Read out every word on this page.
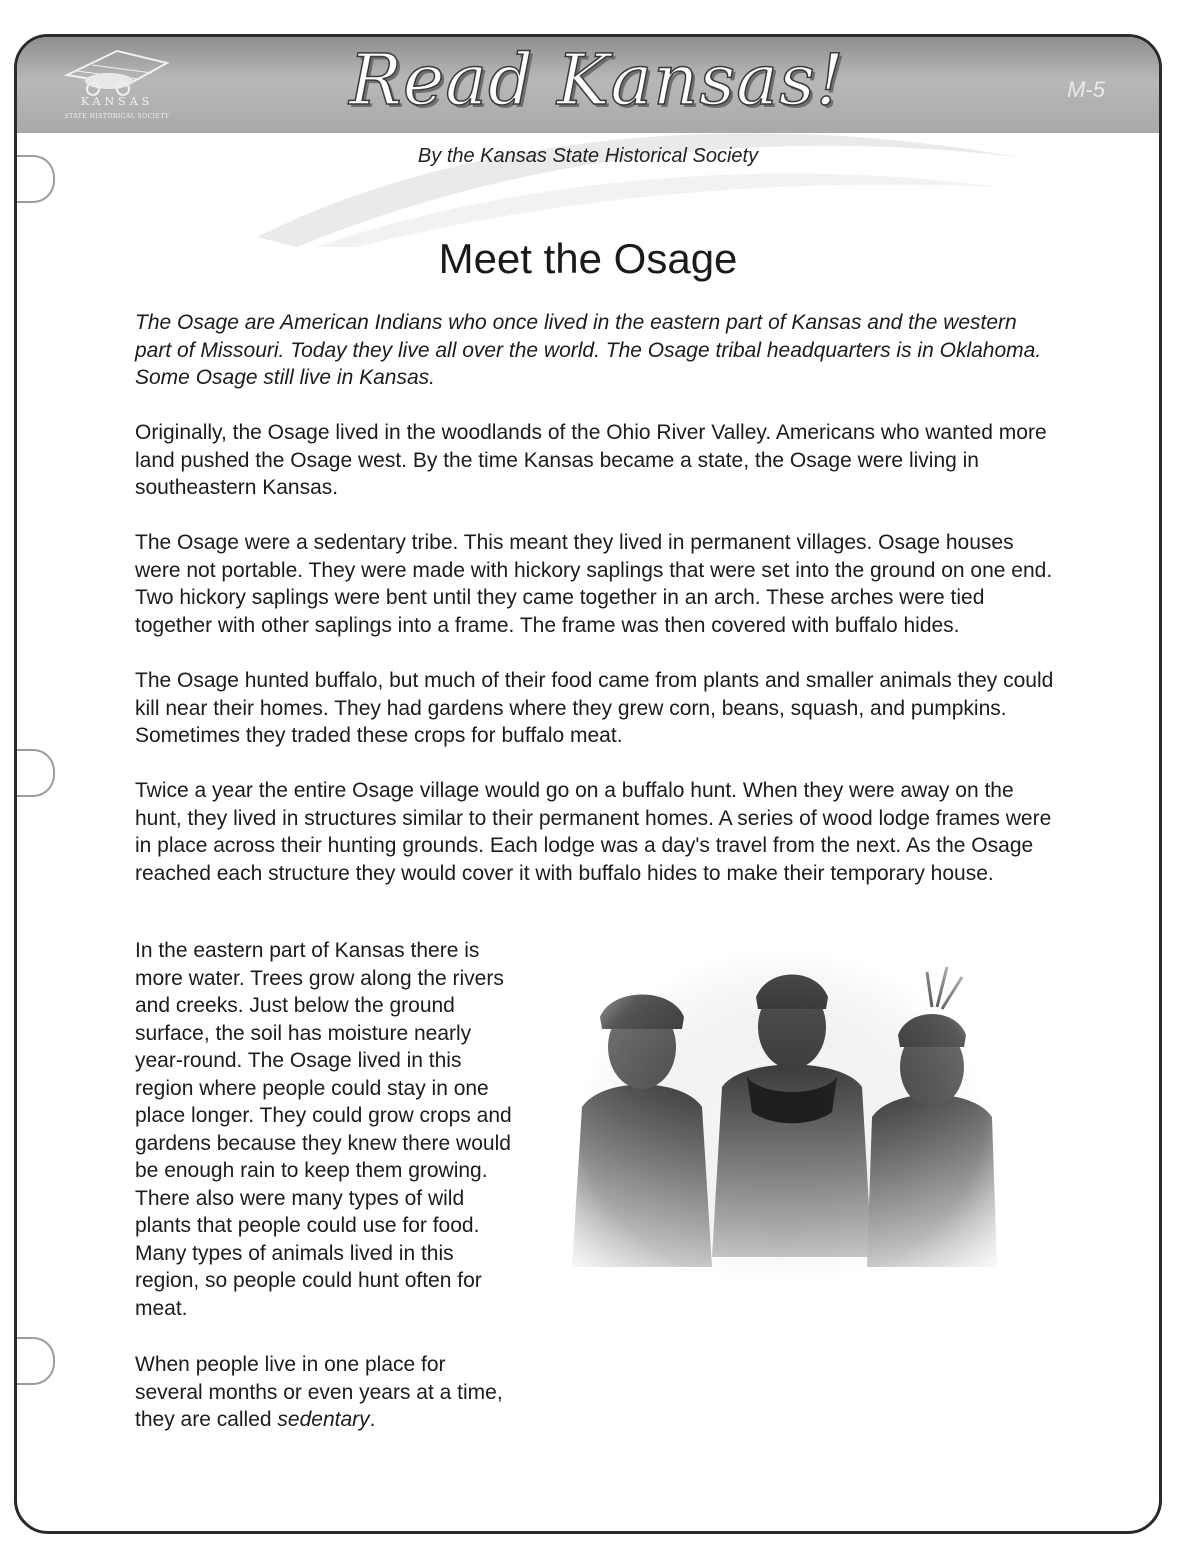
KANSAS
STATE HISTORICAL SOCIETY	Read Kansas!	M-5
By the Kansas State Historical Society
Meet the Osage

The Osage are American Indians who once lived in the eastern part of Kansas and the western part of Missouri. Today they live all over the world. The Osage tribal headquarters is in Oklahoma. Some Osage still live in Kansas.

Originally, the Osage lived in the woodlands of the Ohio River Valley. Americans who wanted more land pushed the Osage west. By the time Kansas became a state, the Osage were living in southeastern Kansas.

The Osage were a sedentary tribe. This meant they lived in permanent villages. Osage houses were not portable. They were made with hickory saplings that were set into the ground on one end. Two hickory saplings were bent until they came together in an arch. These arches were tied together with other saplings into a frame. The frame was then covered with buffalo hides.

The Osage hunted buffalo, but much of their food came from plants and smaller animals they could kill near their homes. They had gardens where they grew corn, beans, squash, and pumpkins. Sometimes they traded these crops for buffalo meat.

Twice a year the entire Osage village would go on a buffalo hunt. When they were away on the hunt, they lived in structures similar to their permanent homes. A series of wood lodge frames were in place across their hunting grounds. Each lodge was a day's travel from the next. As the Osage reached each structure they would cover it with buffalo hides to make their temporary house.

In the eastern part of Kansas there is more water. Trees grow along the rivers and creeks. Just below the ground surface, the soil has moisture nearly year-round. The Osage lived in this region where people could stay in one place longer. They could grow crops and gardens because they knew there would be enough rain to keep them growing. There also were many types of wild plants that people could use for food. Many types of animals lived in this region, so people could hunt often for meat.

When people live in one place for several months or even years at a time, they are called sedentary.
